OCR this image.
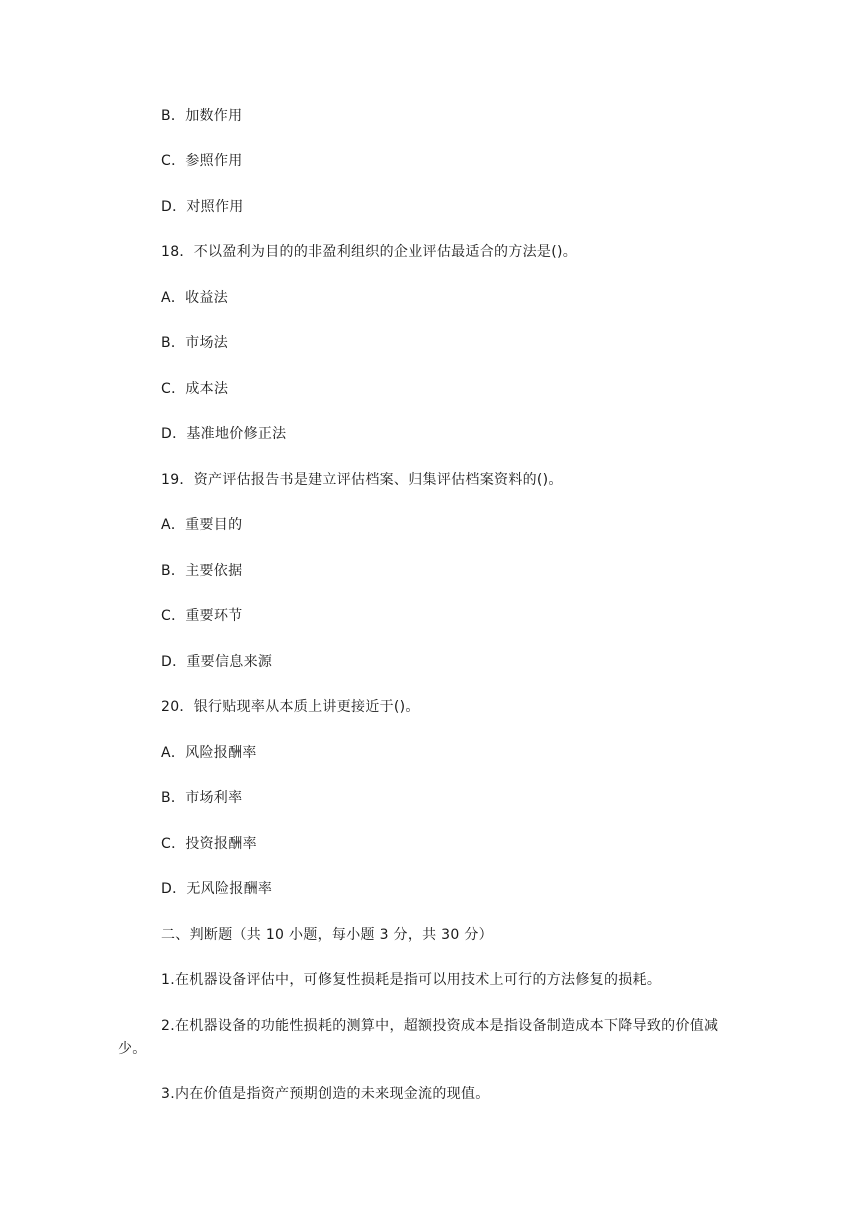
B．加数作用
C．参照作用
D．对照作用
18．不以盈利为目的的非盈利组织的企业评估最适合的方法是()。
A．收益法
B．市场法
C．成本法
D．基准地价修正法
19．资产评估报告书是建立评估档案、归集评估档案资料的()。
A．重要目的
B．主要依据
C．重要环节
D．重要信息来源
20．银行贴现率从本质上讲更接近于()。
A．风险报酬率
B．市场利率
C．投资报酬率
D．无风险报酬率
二、判断题（共 10 小题，每小题 3 分，共 30 分）
1.在机器设备评估中，可修复性损耗是指可以用技术上可行的方法修复的损耗。
2.在机器设备的功能性损耗的测算中，超额投资成本是指设备制造成本下降导致的价值减少。
3.内在价值是指资产预期创造的未来现金流的现值。
